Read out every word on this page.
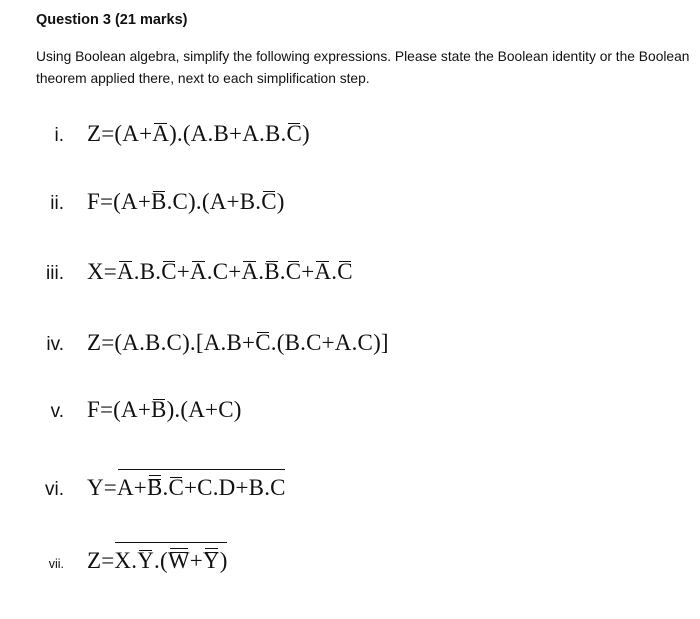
Question 3 (21 marks)
Using Boolean algebra, simplify the following expressions. Please state the Boolean identity or the Boolean theorem applied there, next to each simplification step.
i. Z=(A+A).(A.B+A.B.C)
ii. F=(A+B.C).(A+B.C)
iii. X=A.B.C+A.C+A.B.C+A.C
iv. Z=(A.B.C).[A.B+C.(B.C+A.C)]
v. F=(A+B).(A+C)
vi. Y=A+B.C+C.D+B.C
vii. Z=X.Y.(W+Y)
